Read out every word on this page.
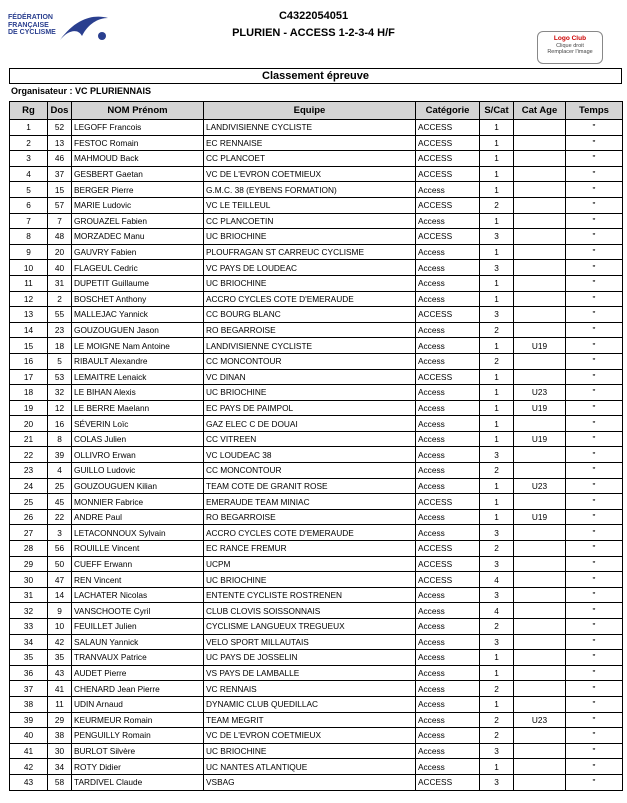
FÉDÉRATION
FRANÇAISE
DE CYCLISME
C4322054051
PLURIEN - ACCESS 1-2-3-4 H/F	Logo Club
Clique droit
Remplacer l'image
Classement épreuve
Organisateur : VC PLURIENNAIS
Rg	Dos	NOM Prénom	Equipe	Catégorie	S/Cat	Cat Age	Temps
1	52	LEGOFF Francois	LANDIVISIENNE CYCLISTE	ACCESS	1		"
2	13	FESTOC Romain	EC RENNAISE	ACCESS	1		"
3	46	MAHMOUD Back	CC PLANCOET	ACCESS	1		"
4	37	GESBERT Gaetan	VC DE L'EVRON COETMIEUX	ACCESS	1		"
5	15	BERGER Pierre	G.M.C. 38 (EYBENS FORMATION)	Access	1		"
6	57	MARIE Ludovic	VC LE TEILLEUL	ACCESS	2		"
7	7	GROUAZEL Fabien	CC PLANCOETIN	Access	1		"
8	48	MORZADEC Manu	UC BRIOCHINE	ACCESS	3		"
9	20	GAUVRY Fabien	PLOUFRAGAN ST CARREUC CYCLISME	Access	1		"
10	40	FLAGEUL Cedric	VC PAYS DE LOUDEAC	Access	3		"
11	31	DUPETIT Guillaume	UC BRIOCHINE	Access	1		"
12	2	BOSCHET Anthony	ACCRO CYCLES COTE D'EMERAUDE	Access	1		"
13	55	MALLEJAC Yannick	CC BOURG BLANC	ACCESS	3		"
14	23	GOUZOUGUEN Jason	RO BEGARROISE	Access	2		"
15	18	LE MOIGNE Nam Antoine	LANDIVISIENNE CYCLISTE	Access	1	U19	"
16	5	RIBAULT Alexandre	CC MONCONTOUR	Access	2		"
17	53	LEMAITRE Lenaick	VC DINAN	ACCESS	1		"
18	32	LE BIHAN Alexis	UC BRIOCHINE	Access	1	U23	"
19	12	LE BERRE Maelann	EC PAYS DE PAIMPOL	Access	1	U19	"
20	16	SÉVERIN Loïc	GAZ ELEC C DE DOUAI	Access	1		"
21	8	COLAS Julien	CC VITREEN	Access	1	U19	"
22	39	OLLIVRO Erwan	VC LOUDEAC 38	Access	3		"
23	4	GUILLO Ludovic	CC MONCONTOUR	Access	2		"
24	25	GOUZOUGUEN Kilian	TEAM COTE DE GRANIT ROSE	Access	1	U23	"
25	45	MONNIER Fabrice	EMERAUDE TEAM MINIAC	ACCESS	1		"
26	22	ANDRE Paul	RO BEGARROISE	Access	1	U19	"
27	3	LETACONNOUX Sylvain	ACCRO CYCLES COTE D'EMERAUDE	Access	3		"
28	56	ROUILLE Vincent	EC RANCE FREMUR	ACCESS	2		"
29	50	CUEFF Erwann	UCPM	ACCESS	3		"
30	47	REN Vincent	UC BRIOCHINE	ACCESS	4		"
31	14	LACHATER Nicolas	ENTENTE CYCLISTE ROSTRENEN	Access	3		"
32	9	VANSCHOOTE Cyril	CLUB CLOVIS SOISSONNAIS	Access	4		"
33	10	FEUILLET Julien	CYCLISME LANGUEUX TREGUEUX	Access	2		"
34	42	SALAUN Yannick	VELO SPORT MILLAUTAIS	Access	3		"
35	35	TRANVAUX Patrice	UC PAYS DE JOSSELIN	Access	1		"
36	43	AUDET Pierre	VS PAYS DE LAMBALLE	Access	1		"
37	41	CHENARD Jean Pierre	VC RENNAIS	Access	2		"
38	11	UDIN Arnaud	DYNAMIC CLUB QUEDILLAC	Access	1		"
39	29	KEURMEUR Romain	TEAM MEGRIT	Access	2	U23	"
40	38	PENGUILLY Romain	VC DE L'EVRON COETMIEUX	Access	2		"
41	30	BURLOT Silvère	UC BRIOCHINE	Access	3		"
42	34	ROTY Didier	UC NANTES ATLANTIQUE	Access	1		"
43	58	TARDIVEL Claude	VSBAG	ACCESS	3		"
